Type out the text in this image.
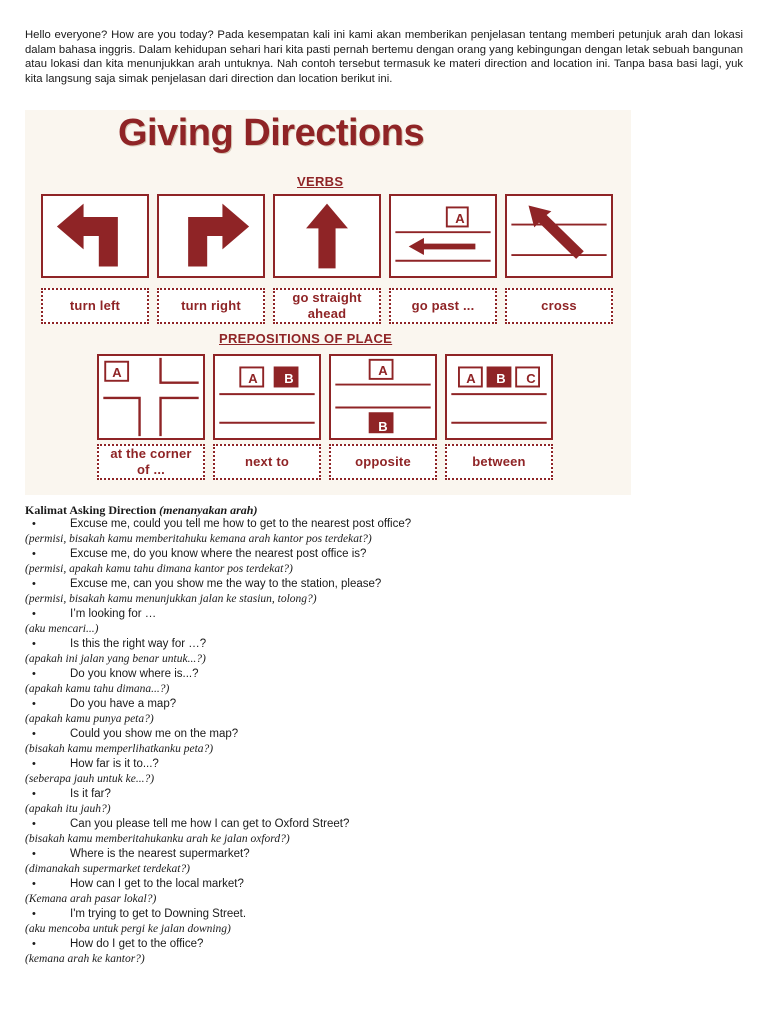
Hello everyone? How are you today? Pada kesempatan kali ini kami akan memberikan penjelasan tentang memberi petunjuk arah dan lokasi dalam bahasa inggris. Dalam kehidupan sehari hari kita pasti pernah bertemu dengan orang yang kebingungan dengan letak sebuah bangunan atau lokasi dan kita menunjukkan arah untuknya. Nah contoh tersebut termasuk ke materi direction and location ini. Tanpa basa basi lagi, yuk kita langsung saja simak penjelasan dari direction dan location berikut ini.

Giving Directions
VERBS
A
turn left	turn right
go straight ahead
go past ...	cross
PREPOSITIONS OF PLACE
A	A	B
A
B
A	B	C
at the corner of ...
next to	opposite	between
Kalimat Asking Direction (menanyakan arah)
•	Excuse me, could you tell me how to get to the nearest post office?
(permisi, bisakah kamu memberitahuku kemana arah kantor pos terdekat?)
•	Excuse me, do you know where the nearest post office is?
(permisi, apakah kamu tahu dimana kantor pos terdekat?)
•	Excuse me, can you show me the way to the station, please?
(permisi, bisakah kamu menunjukkan jalan ke stasiun, tolong?)
•	I’m looking for …
(aku mencari...)
•	Is this the right way for …?
(apakah ini jalan yang benar untuk...?)
•	Do you know where is...?
(apakah kamu tahu dimana...?)
•	Do you have a map?
(apakah kamu punya peta?)
•	Could you show me on the map?
(bisakah kamu memperlihatkanku peta?)
•	How far is it to...?
(seberapa jauh untuk ke...?)
•	Is it far?
(apakah itu jauh?)
•	Can you please tell me how I can get to Oxford Street?
(bisakah kamu memberitahukanku arah ke jalan oxford?)
•	Where is the nearest supermarket?
(dimanakah supermarket terdekat?)
•	How can I get to the local market?
(Kemana arah pasar lokal?)
•	I'm trying to get to Downing Street.
(aku mencoba untuk pergi ke jalan downing)
•	How do I get to the office?
(kemana arah ke kantor?)
